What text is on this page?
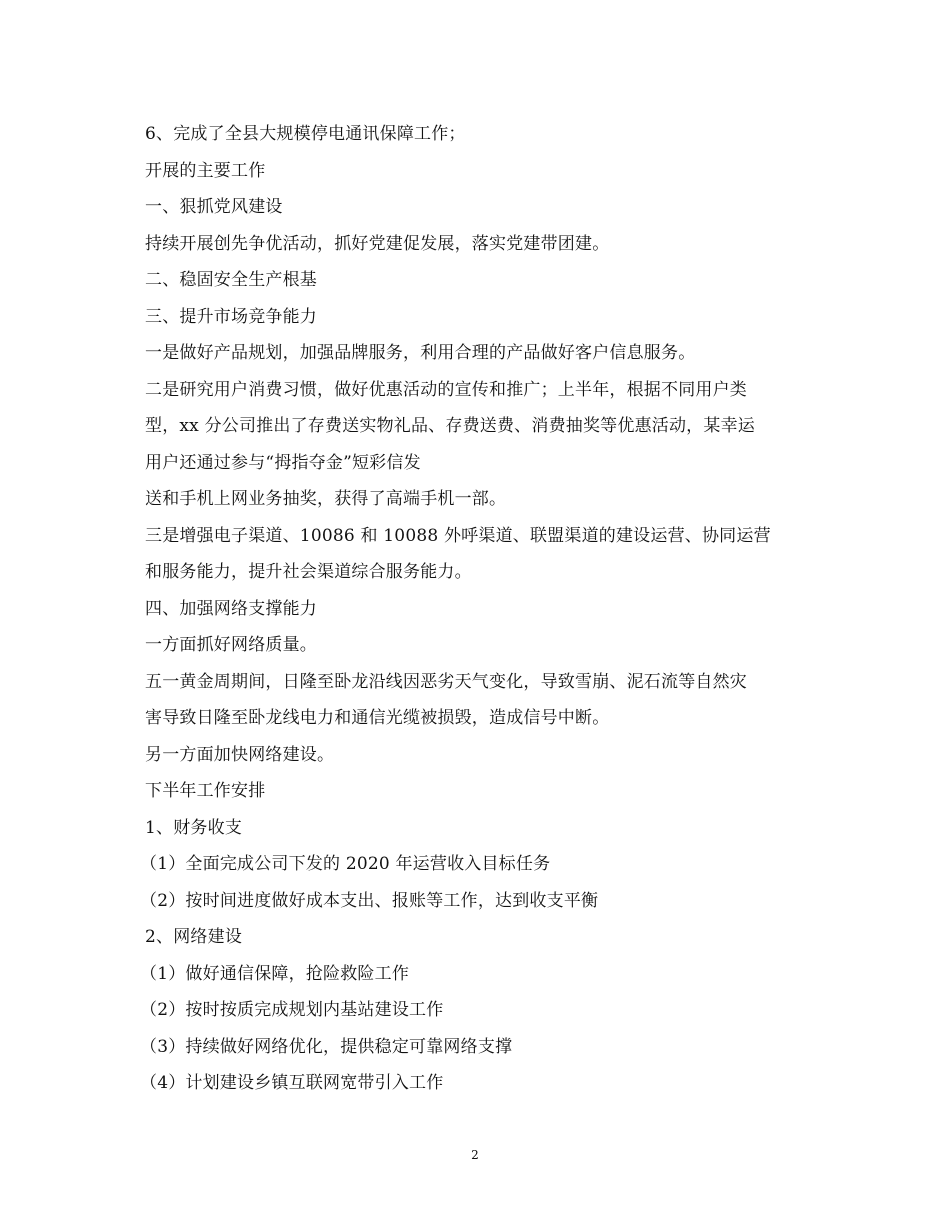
6、完成了全县大规模停电通讯保障工作；
开展的主要工作
一、狠抓党风建设
持续开展创先争优活动，抓好党建促发展，落实党建带团建。
二、稳固安全生产根基
三、提升市场竞争能力
一是做好产品规划，加强品牌服务，利用合理的产品做好客户信息服务。
二是研究用户消费习惯，做好优惠活动的宣传和推广；上半年，根据不同用户类
型，xx 分公司推出了存费送实物礼品、存费送费、消费抽奖等优惠活动，某幸运
用户还通过参与“拇指夺金”短彩信发
送和手机上网业务抽奖，获得了高端手机一部。
三是增强电子渠道、10086 和 10088 外呼渠道、联盟渠道的建设运营、协同运营
和服务能力，提升社会渠道综合服务能力。
四、加强网络支撑能力
一方面抓好网络质量。
五一黄金周期间，日隆至卧龙沿线因恶劣天气变化，导致雪崩、泥石流等自然灾
害导致日隆至卧龙线电力和通信光缆被损毁，造成信号中断。
另一方面加快网络建设。
下半年工作安排
1、财务收支
（1）全面完成公司下发的 2020 年运营收入目标任务
（2）按时间进度做好成本支出、报账等工作，达到收支平衡
2、网络建设
（1）做好通信保障，抢险救险工作
（2）按时按质完成规划内基站建设工作
（3）持续做好网络优化，提供稳定可靠网络支撑
（4）计划建设乡镇互联网宽带引入工作
2
